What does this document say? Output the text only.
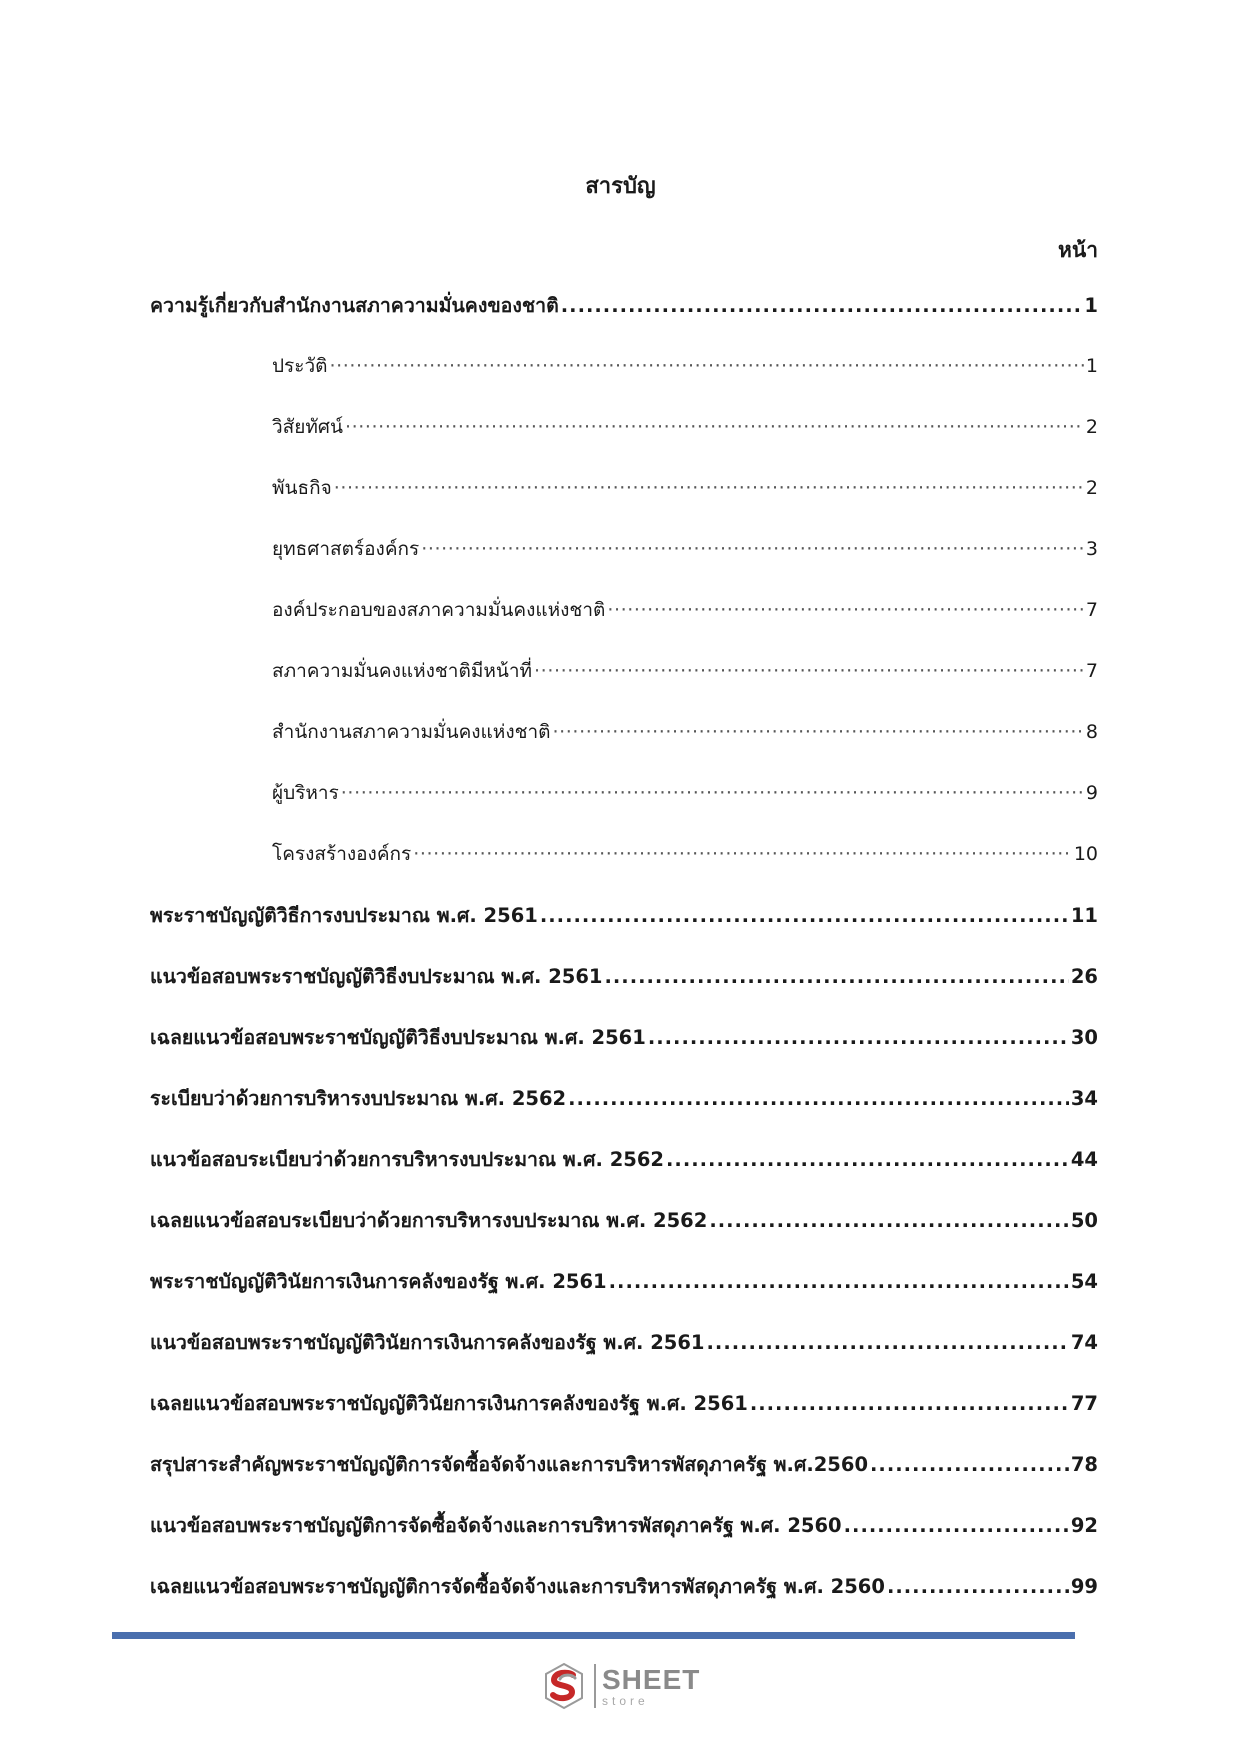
สารบัญ
หน้า
ความรู้เกี่ยวกับสำนักงานสภาความมั่นคงของชาติ .....	1
ประวัติ ·····	1
วิสัยทัศน์ ·····	2
พันธกิจ ·····	2
ยุทธศาสตร์องค์กร ·····	3
องค์ประกอบของสภาความมั่นคงแห่งชาติ ·····	7
สภาความมั่นคงแห่งชาติมีหน้าที่ ·····	7
สำนักงานสภาความมั่นคงแห่งชาติ ·····	8
ผู้บริหาร ·····	9
โครงสร้างองค์กร ·····	10
พระราชบัญญัติวิธีการงบประมาณ พ.ศ. 2561 .....	11
แนวข้อสอบพระราชบัญญัติวิธีงบประมาณ พ.ศ. 2561 .....	26
เฉลยแนวข้อสอบพระราชบัญญัติวิธีงบประมาณ พ.ศ. 2561 .....	30
ระเบียบว่าด้วยการบริหารงบประมาณ พ.ศ. 2562 .....	34
แนวข้อสอบระเบียบว่าด้วยการบริหารงบประมาณ พ.ศ. 2562 .....	44
เฉลยแนวข้อสอบระเบียบว่าด้วยการบริหารงบประมาณ พ.ศ. 2562 .....	50
พระราชบัญญัติวินัยการเงินการคลังของรัฐ พ.ศ. 2561 .....	54
แนวข้อสอบพระราชบัญญัติวินัยการเงินการคลังของรัฐ พ.ศ. 2561 .....	74
เฉลยแนวข้อสอบพระราชบัญญัติวินัยการเงินการคลังของรัฐ พ.ศ. 2561 .....	77
สรุปสาระสำคัญพระราชบัญญัติการจัดซื้อจัดจ้างและการบริหารพัสดุภาครัฐ พ.ศ.2560 .....	78
แนวข้อสอบพระราชบัญญัติการจัดซื้อจัดจ้างและการบริหารพัสดุภาครัฐ พ.ศ. 2560 .....	92
เฉลยแนวข้อสอบพระราชบัญญัติการจัดซื้อจัดจ้างและการบริหารพัสดุภาครัฐ พ.ศ. 2560 .....	99
SHEET
store
